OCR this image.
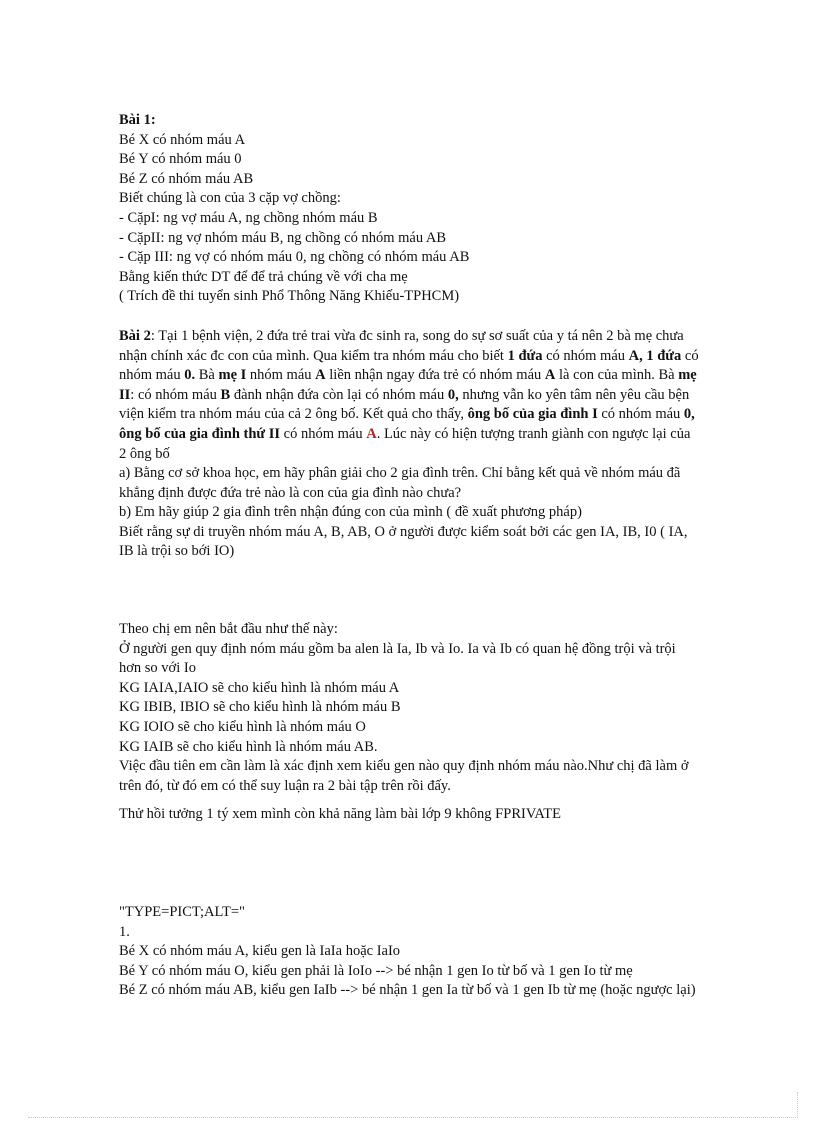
Bài 1:
Bé X có nhóm máu A
Bé Y có nhóm máu 0
Bé Z có nhóm máu AB
Biết chúng là con của 3 cặp vợ chồng:
- CặpI: ng vợ máu A, ng chồng nhóm máu B
- CặpII: ng vợ nhóm máu B, ng chồng có nhóm máu AB
- Cặp III: ng vợ có nhóm máu 0, ng chồng có nhóm máu AB
Bằng kiến thức DT để để trả chúng về với cha mẹ
( Trích đề thi tuyển sinh Phổ Thông Năng Khiếu-TPHCM)
Bài 2: Tại 1 bệnh viện, 2 đứa trẻ trai vừa đc sinh ra, song do sự sơ suất của y tá nên 2 bà mẹ chưa nhận chính xác đc con của mình. Qua kiểm tra nhóm máu cho biết 1 đứa có nhóm máu A, 1 đứa có nhóm máu 0. Bà mẹ I nhóm máu A liền nhận ngay đứa trẻ có nhóm máu A là con của mình. Bà mẹ II: có nhóm máu B đành nhận đứa còn lại có nhóm máu 0, nhưng vẫn ko yên tâm nên yêu cầu bện viện kiểm tra nhóm máu của cả 2 ông bố. Kết quả cho thấy, ông bố của gia đình I có nhóm máu 0, ông bố của gia đình thứ II có nhóm máu A. Lúc này có hiện tượng tranh giành con ngược lại của 2 ông bố
a) Bằng cơ sở khoa học, em hãy phân giải cho 2 gia đình trên. Chỉ bằng kết quả về nhóm máu đã khẳng định được đứa trẻ nào là con của gia đình nào chưa?
b) Em hãy giúp 2 gia đình trên nhận đúng con của mình ( đề xuất phương pháp)
Biết rằng sự di truyền nhóm máu A, B, AB, O ở người được kiểm soát bởi các gen IA, IB, I0 ( IA, IB là trội so bới IO)
Theo chị em nên bắt đầu như thế này:
Ở người gen quy định nóm máu gồm ba alen là Ia, Ib và Io. Ia và Ib có quan hệ đồng trội và trội hơn so với Io
KG IAIA,IAIO sẽ cho kiểu hình là nhóm máu A
KG IBIB, IBIO sẽ cho kiểu hình là nhóm máu B
KG IOIO sẽ cho kiểu hình là nhóm máu O
KG IAIB sẽ cho kiểu hình là nhóm máu AB.
Việc đầu tiên em cần làm là xác định xem kiểu gen nào quy định nhóm máu nào.Như chị đã làm ở trên đó, từ đó em có thể suy luận ra 2 bài tập trên rồi đấy.
Thử hồi tưởng 1 tý xem mình còn khả năng làm bài lớp 9 không FPRIVATE
"TYPE=PICT;ALT="
1.
Bé X có nhóm máu A, kiểu gen là IaIa hoặc IaIo
Bé Y có nhóm máu O, kiểu gen phải là IoIo --> bé nhận 1 gen Io từ bố và 1 gen Io từ mẹ
Bé Z có nhóm máu AB, kiểu gen IaIb --> bé nhận 1 gen Ia từ bố và 1 gen Ib từ mẹ (hoặc ngược lại)
